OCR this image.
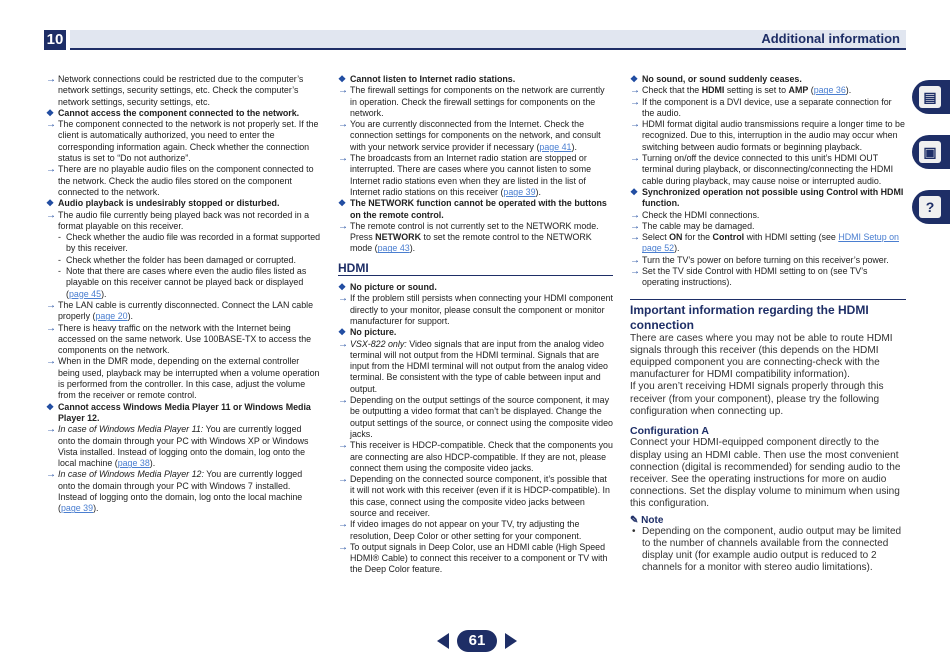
10	Additional information
→ Network connections could be restricted due to the computer’s network settings, security settings, etc. Check the computer’s network settings, security settings, etc.
❖ Cannot access the component connected to the network.
→ The component connected to the network is not properly set. If the client is automatically authorized, you need to enter the corresponding information again. Check whether the connection status is set to “Do not authorize”.
→ There are no playable audio files on the component connected to the network. Check the audio files stored on the component connected to the network.
❖ Audio playback is undesirably stopped or disturbed.
→ The audio file currently being played back was not recorded in a format playable on this receiver.
- Check whether the audio file was recorded in a format supported by this receiver.
- Check whether the folder has been damaged or corrupted.
- Note that there are cases where even the audio files listed as playable on this receiver cannot be played back or displayed (page 45).
→ The LAN cable is currently disconnected. Connect the LAN cable properly (page 20).
→ There is heavy traffic on the network with the Internet being accessed on the same network. Use 100BASE-TX to access the components on the network.
→ When in the DMR mode, depending on the external controller being used, playback may be interrupted when a volume operation is performed from the controller. In this case, adjust the volume from the receiver or remote control.
❖ Cannot access Windows Media Player 11 or Windows Media Player 12.
→ In case of Windows Media Player 11: You are currently logged onto the domain through your PC with Windows XP or Windows Vista installed. Instead of logging onto the domain, log onto the local machine (page 38).
→ In case of Windows Media Player 12: You are currently logged onto the domain through your PC with Windows 7 installed. Instead of logging onto the domain, log onto the local machine (page 39).
❖ Cannot listen to Internet radio stations.
→ The firewall settings for components on the network are currently in operation. Check the firewall settings for components on the network.
→ You are currently disconnected from the Internet. Check the connection settings for components on the network, and consult with your network service provider if necessary (page 41).
→ The broadcasts from an Internet radio station are stopped or interrupted. There are cases where you cannot listen to some Internet radio stations even when they are listed in the list of Internet radio stations on this receiver (page 39).
❖ The NETWORK function cannot be operated with the buttons on the remote control.
→ The remote control is not currently set to the NETWORK mode. Press NETWORK to set the remote control to the NETWORK mode (page 43).
HDMI
❖ No picture or sound.
→ If the problem still persists when connecting your HDMI component directly to your monitor, please consult the component or monitor manufacturer for support.
❖ No picture.
→ VSX-822 only: Video signals that are input from the analog video terminal will not output from the HDMI terminal. Signals that are input from the HDMI terminal will not output from the analog video terminal. Be consistent with the type of cable between input and output.
→ Depending on the output settings of the source component, it may be outputting a video format that can’t be displayed. Change the output settings of the source, or connect using the composite video jacks.
→ This receiver is HDCP-compatible. Check that the components you are connecting are also HDCP-compatible. If they are not, please connect them using the composite video jacks.
→ Depending on the connected source component, it’s possible that it will not work with this receiver (even if it is HDCP-compatible). In this case, connect using the composite video jacks between source and receiver.
→ If video images do not appear on your TV, try adjusting the resolution, Deep Color or other setting for your component.
→ To output signals in Deep Color, use an HDMI cable (High Speed HDMI® Cable) to connect this receiver to a component or TV with the Deep Color feature.
❖ No sound, or sound suddenly ceases.
→ Check that the HDMI setting is set to AMP (page 36).
→ If the component is a DVI device, use a separate connection for the audio.
→ HDMI format digital audio transmissions require a longer time to be recognized. Due to this, interruption in the audio may occur when switching between audio formats or beginning playback.
→ Turning on/off the device connected to this unit’s HDMI OUT terminal during playback, or disconnecting/connecting the HDMI cable during playback, may cause noise or interrupted audio.
❖ Synchronized operation not possible using Control with HDMI function.
→ Check the HDMI connections.
→ The cable may be damaged.
→ Select ON for the Control with HDMI setting (see HDMI Setup on page 52).
→ Turn the TV’s power on before turning on this receiver’s power.
→ Set the TV side Control with HDMI setting to on (see TV’s operating instructions).
Important information regarding the HDMI connection
There are cases where you may not be able to route HDMI signals through this receiver (this depends on the HDMI equipped component you are connecting-check with the manufacturer for HDMI compatibility information).
If you aren’t receiving HDMI signals properly through this receiver (from your component), please try the following configuration when connecting up.
Configuration A
Connect your HDMI-equipped component directly to the display using an HDMI cable. Then use the most convenient connection (digital is recommended) for sending audio to the receiver. See the operating instructions for more on audio connections. Set the display volume to minimum when using this configuration.
✎ Note
• Depending on the component, audio output may be limited to the number of channels available from the connected display unit (for example audio output is reduced to 2 channels for a monitor with stereo audio limitations).
▤
▣
?
61
